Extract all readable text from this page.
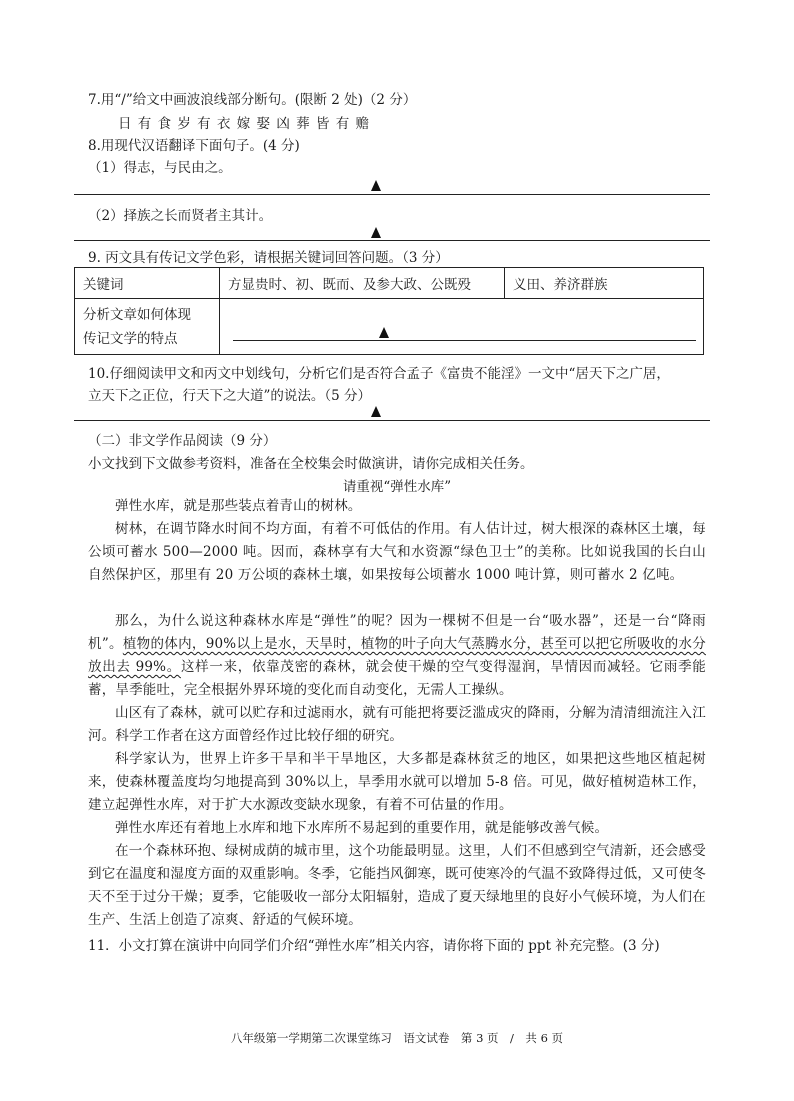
7.用“/”给文中画波浪线部分断句。(限断 2 处)（2 分）
日 有 食 岁 有 衣 嫁 娶 凶 葬 皆 有 赡
8.用现代汉语翻译下面句子。(4 分)
（1）得志，与民由之。
（2）择族之长而贤者主其计。
9. 丙文具有传记文学色彩，请根据关键词回答问题。（3 分）
关键词	方显贵时、初、既而、及参大政、公既殁	义田、养济群族

分析文章如何体现
传记文学的特点		

10.仔细阅读甲文和丙文中划线句，分析它们是否符合孟子《富贵不能淫》一文中“居天下之广居，
立天下之正位，行天下之大道”的说法。（5 分）
（二）非文学作品阅读（9 分）
小文找到下文做参考资料，准备在全校集会时做演讲，请你完成相关任务。
请重视“弹性水库”
弹性水库，就是那些装点着青山的树林。
树林，在调节降水时间不均方面，有着不可低估的作用。有人估计过，树大根深的森林区土壤，每公顷可蓄水 500—2000 吨。因而，森林享有大气和水资源“绿色卫士”的美称。比如说我国的长白山自然保护区，那里有 20 万公顷的森林土壤，如果按每公顷蓄水 1000 吨计算，则可蓄水 2 亿吨。
那么，为什么说这种森林水库是“弹性”的呢？因为一棵树不但是一台“吸水器”，还是一台“降雨机”。植物的体内，90%以上是水，天旱时，植物的叶子向大气蒸腾水分，甚至可以把它所吸收的水分放出去 99%。这样一来，依靠茂密的森林，就会使干燥的空气变得湿润，旱情因而减轻。它雨季能蓄，旱季能吐，完全根据外界环境的变化而自动变化，无需人工操纵。
山区有了森林，就可以贮存和过滤雨水，就有可能把将要泛滥成灾的降雨，分解为清清细流注入江河。科学工作者在这方面曾经作过比较仔细的研究。
科学家认为，世界上许多干旱和半干旱地区，大多都是森林贫乏的地区，如果把这些地区植起树来，使森林覆盖度均匀地提高到 30%以上，旱季用水就可以增加 5-8 倍。可见，做好植树造林工作，建立起弹性水库，对于扩大水源改变缺水现象，有着不可估量的作用。
弹性水库还有着地上水库和地下水库所不易起到的重要作用，就是能够改善气候。
在一个森林环抱、绿树成荫的城市里，这个功能最明显。这里，人们不但感到空气清新，还会感受到它在温度和湿度方面的双重影响。冬季，它能挡风御寒，既可使寒冷的气温不致降得过低，又可使冬天不至于过分干燥；夏季，它能吸收一部分太阳辐射，造成了夏天绿地里的良好小气候环境，为人们在生产、生活上创造了凉爽、舒适的气候环境。
11．小文打算在演讲中向同学们介绍“弹性水库”相关内容，请你将下面的 ppt 补充完整。(3 分)
八年级第一学期第二次课堂练习　语文试卷　第 3 页　/　共 6 页
